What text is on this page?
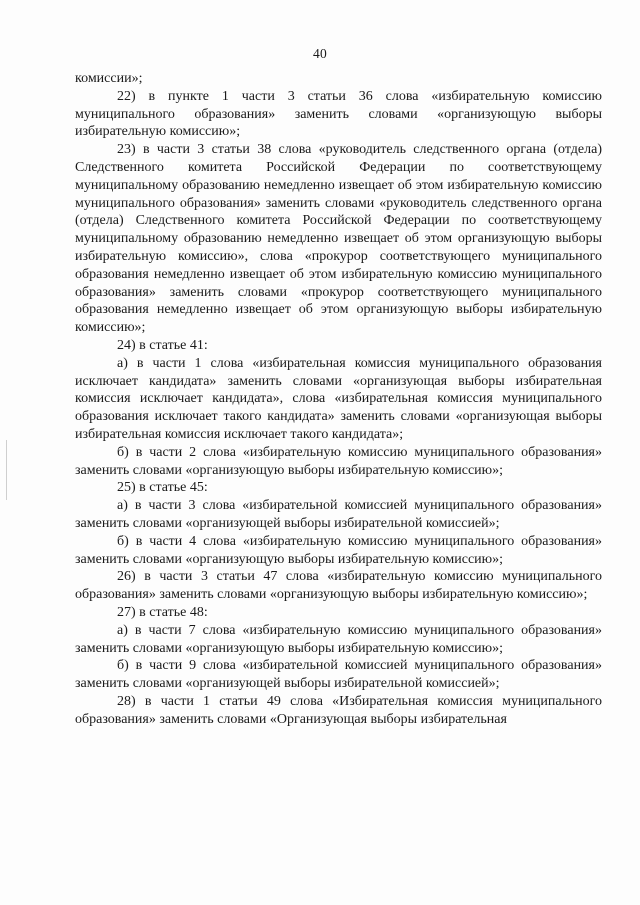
40

комиссии»;

22) в пункте 1 части 3 статьи 36 слова «избирательную комиссию муниципального образования» заменить словами «организующую выборы избирательную комиссию»;

23) в части 3 статьи 38 слова «руководитель следственного органа (отдела) Следственного комитета Российской Федерации по соответствующему муниципальному образованию немедленно извещает об этом избирательную комиссию муниципального образования» заменить словами «руководитель следственного органа (отдела) Следственного комитета Российской Федерации по соответствующему муниципальному образованию немедленно извещает об этом организующую выборы избирательную комиссию», слова «прокурор соответствующего муниципального образования немедленно извещает об этом избирательную комиссию муниципального образования» заменить словами «прокурор соответствующего муниципального образования немедленно извещает об этом организующую выборы избирательную комиссию»;

24) в статье 41:

а) в части 1 слова «избирательная комиссия муниципального образования исключает кандидата» заменить словами «организующая выборы избирательная комиссия исключает кандидата», слова «избирательная комиссия муниципального образования исключает такого кандидата» заменить словами «организующая выборы избирательная комиссия исключает такого кандидата»;

б) в части 2 слова «избирательную комиссию муниципального образования» заменить словами «организующую выборы избирательную комиссию»;

25) в статье 45:

а) в части 3 слова «избирательной комиссией муниципального образования» заменить словами «организующей выборы избирательной комиссией»;

б) в части 4 слова «избирательную комиссию муниципального образования» заменить словами «организующую выборы избирательную комиссию»;

26) в части 3 статьи 47 слова «избирательную комиссию муниципального образования» заменить словами «организующую выборы избирательную комиссию»;

27) в статье 48:

а) в части 7 слова «избирательную комиссию муниципального образования» заменить словами «организующую выборы избирательную комиссию»;

б) в части 9 слова «избирательной комиссией муниципального образования» заменить словами «организующей выборы избирательной комиссией»;

28) в части 1 статьи 49 слова «Избирательная комиссия муниципального образования» заменить словами «Организующая выборы избирательная
